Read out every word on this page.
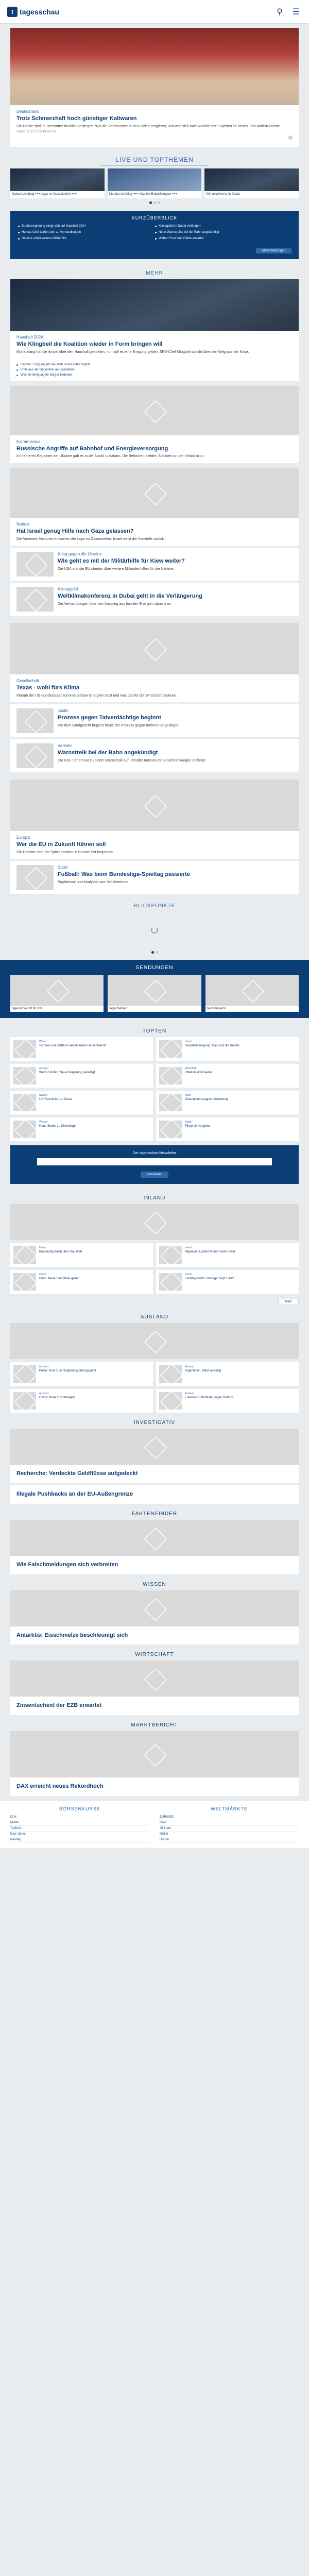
t tagesschau	⚲	☰
Deutschland
Trotz Schmerzhaft hoch günstiger Kaltwaren
Die Preise sind im Dezember deutlich gestiegen. Wie die Verbraucher in den Läden reagieren, und was sich nach Ansicht der Experten im neuen Jahr ändern könnte.
Stand: 12.12.2023 18:24 Uhr
LIVE UND TOPTHEMEN
Nahost-Liveblog +++ Lage im Gazastreifen +++	Ukraine-Liveblog +++ Aktuelle Entwicklungen +++	Klimakonferenz in Dubai
KURZÜBERBLICK
Bundesregierung einigt sich auf Haushalt 2024	Klimagipfel in Dubai verlängert
Hamas-Chef äußert sich zu Verhandlungen	Neue Warnstreiks bei der Bahn angekündigt
Ukraine erhält weitere Militärhilfe	Wetter: Frost und Glätte erwartet
Mehr Meldungen
MEHR
Haushalt 2024
Wie Klingbeil die Koalition wieder in Form bringen will
Monatelang hat die Ampel über den Haushalt gestritten, nun soll es eine Einigung geben. SPD-Chef Klingbeil spricht über den Weg aus der Krise.
Lindner: Einigung auf Haushalt ist ein gutes Signal
Kritik aus der Opposition an Sparplänen
Was die Einigung für Bürger bedeutet
Extremismus
Russische Angriffe auf Bahnhof und Energieversorgung
In mehreren Regionen der Ukraine gab es in der Nacht Luftalarm. Die Behörden melden Schäden an der Infrastruktur.
Nahost
Hat Israel genug Hilfe nach Gaza gelassen?
Die Vereinten Nationen kritisieren die Lage im Gazastreifen. Israel weist die Vorwürfe zurück.
Krieg gegen die Ukraine
Wie geht es mit der Militärhilfe für Kiew weiter?
Die USA und die EU streiten über weitere Milliardenhilfen für die Ukraine.
Klimagipfel
Weltklimakonferenz in Dubai geht in die Verlängerung
Die Verhandlungen über den Ausstieg aus fossilen Energien dauern an.
Gesellschaft
Texas - wohl fürs Klima
Warum der US-Bundesstaat auf erneuerbare Energien setzt und was das für die Wirtschaft bedeutet.
Justiz
Prozess gegen Tatverdächtige beginnt
Vor dem Landgericht beginnt heute der Prozess gegen mehrere Angeklagte.
Verkehr
Warnstreik bei der Bahn angekündigt
Die GDL ruft erneut zu einem Warnstreik auf. Pendler müssen mit Einschränkungen rechnen.
Europa
Wer die EU in Zukunft führen soll
Die Debatte über die Spitzenposten in Brüssel hat begonnen.
Sport
Fußball: Was beim Bundesliga-Spieltag passierte
Ergebnisse und Analysen zum Wochenende.
BLICKPUNKTE
SENDUNGEN
tagesschau 20:00 Uhr	tagesthemen	nachtmagazin
TOPTEN
Wetter
Schnee und Glätte in weiten Teilen Deutschlands
Inland
Haushaltseinigung: Das sind die Details
Ausland
Wahl in Polen: Neue Regierung vereidigt
Wirtschaft
Inflation sinkt weiter
Nahost
UN-Resolution zu Gaza
Sport
Champions League: Auslosung
Wissen
Neue Studie zu Klimafolgen
Kultur
Filmpreis vergeben
Der tagesschau-Newsletter
Abonnieren
INLAND
Inland
Bundestag berät über Haushalt
Inland
Migration: Länder fordern mehr Geld
Inland
Bahn: Neue Fahrpläne gelten
Inland
Landtagswahl: Umfrage zeigt Trend
Mehr
AUSLAND
Ausland
Polen: Tusk zum Regierungschef gewählt
Ausland
Argentinien: Milei vereidigt
Ausland
China: Neue Exportregeln
Ausland
Frankreich: Proteste gegen Reform
INVESTIGATIV
Recherche: Verdeckte Geldflüsse aufgedeckt
Illegale Pushbacks an der EU-Außengrenze
FAKTENFINDER
Wie Falschmeldungen sich verbreiten
WISSEN
Antarktis: Eisschmelze beschleunigt sich
WIRTSCHAFT
Zinsentscheid der EZB erwartet
MARKTBERICHT
DAX erreicht neues Rekordhoch
BÖRSENKURSE
DAX
MDAX
TecDAX
Dow Jones
Nasdaq
WELTMÄRKTE
EUR/USD
Gold
Öl Brent
Nikkei
Bitcoin
